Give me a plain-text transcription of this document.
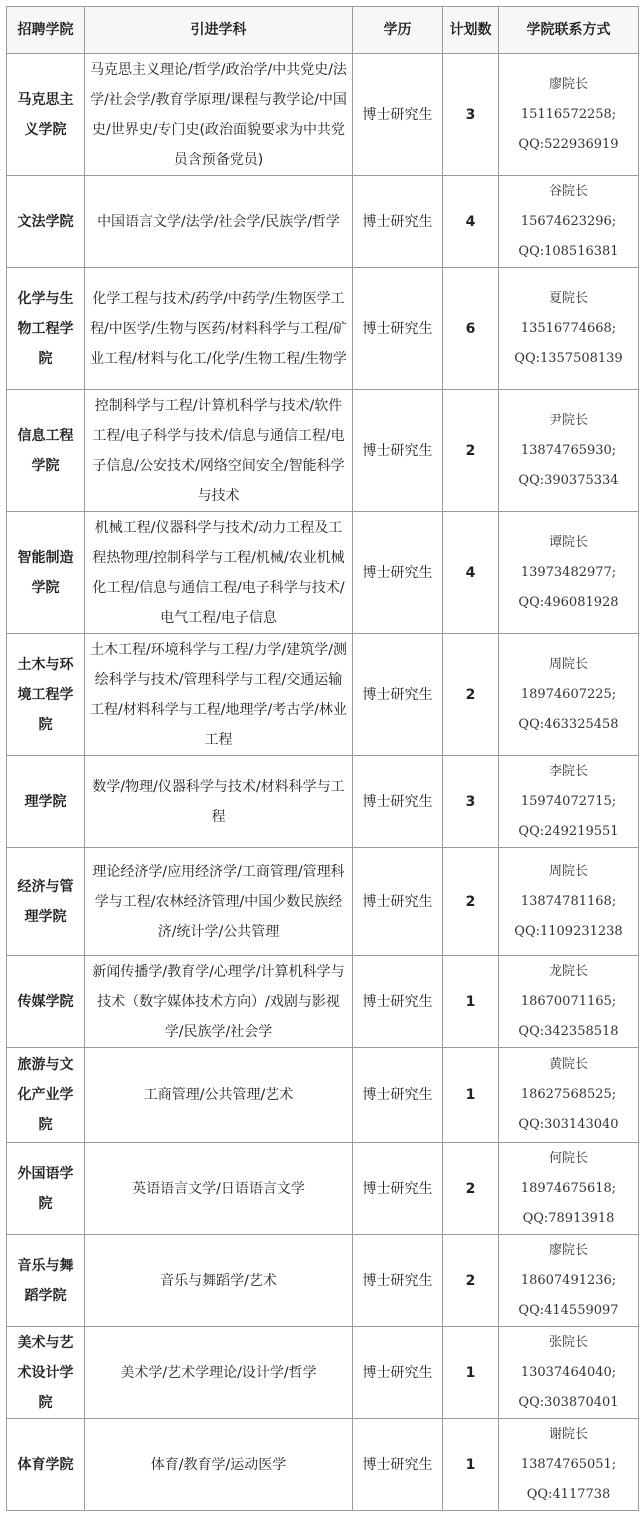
招聘学院	引进学科	学历	计划数	学院联系方式
马克思主义学院	马克思主义理论/哲学/政治学/中共党史/法学/社会学/教育学原理/课程与教学论/中国史/世界史/专门史(政治面貌要求为中共党员含预备党员)	博士研究生	3	廖院长
15116572258;
QQ:522936919

文法学院	中国语言文学/法学/社会学/民族学/哲学	博士研究生	4	谷院长
15674623296;
QQ:108516381

化学与生物工程学院	化学工程与技术/药学/中药学/生物医学工程/中医学/生物与医药/材料科学与工程/矿业工程/材料与化工/化学/生物工程/生物学	博士研究生	6	夏院长
13516774668;
QQ:1357508139

信息工程学院	控制科学与工程/计算机科学与技术/软件工程/电子科学与技术/信息与通信工程/电子信息/公安技术/网络空间安全/智能科学与技术	博士研究生	2	尹院长
13874765930;
QQ:390375334

智能制造学院	机械工程/仪器科学与技术/动力工程及工程热物理/控制科学与工程/机械/农业机械化工程/信息与通信工程/电子科学与技术/电气工程/电子信息	博士研究生	4	谭院长
13973482977;
QQ:496081928

土木与环境工程学院	土木工程/环境科学与工程/力学/建筑学/测绘科学与技术/管理科学与工程/交通运输工程/材料科学与工程/地理学/考古学/林业工程	博士研究生	2	周院长
18974607225;
QQ:463325458

理学院	数学/物理/仪器科学与技术/材料科学与工程	博士研究生	3	李院长
15974072715;
QQ:249219551

经济与管理学院	理论经济学/应用经济学/工商管理/管理科学与工程/农林经济管理/中国少数民族经济/统计学/公共管理	博士研究生	2	周院长
13874781168;
QQ:1109231238

传媒学院	新闻传播学/教育学/心理学/计算机科学与技术（数字媒体技术方向）/戏剧与影视学/民族学/社会学	博士研究生	1	龙院长
18670071165;
QQ:342358518

旅游与文化产业学院	工商管理/公共管理/艺术	博士研究生	1	黄院长
18627568525;
QQ:303143040

外国语学院	英语语言文学/日语语言文学	博士研究生	2	何院长
18974675618;
QQ:78913918

音乐与舞蹈学院	音乐与舞蹈学/艺术	博士研究生	2	廖院长
18607491236;
QQ:414559097

美术与艺术设计学院	美术学/艺术学理论/设计学/哲学	博士研究生	1	张院长
13037464040;
QQ:303870401

体育学院	体育/教育学/运动医学	博士研究生	1	谢院长
13874765051;
QQ:4117738
